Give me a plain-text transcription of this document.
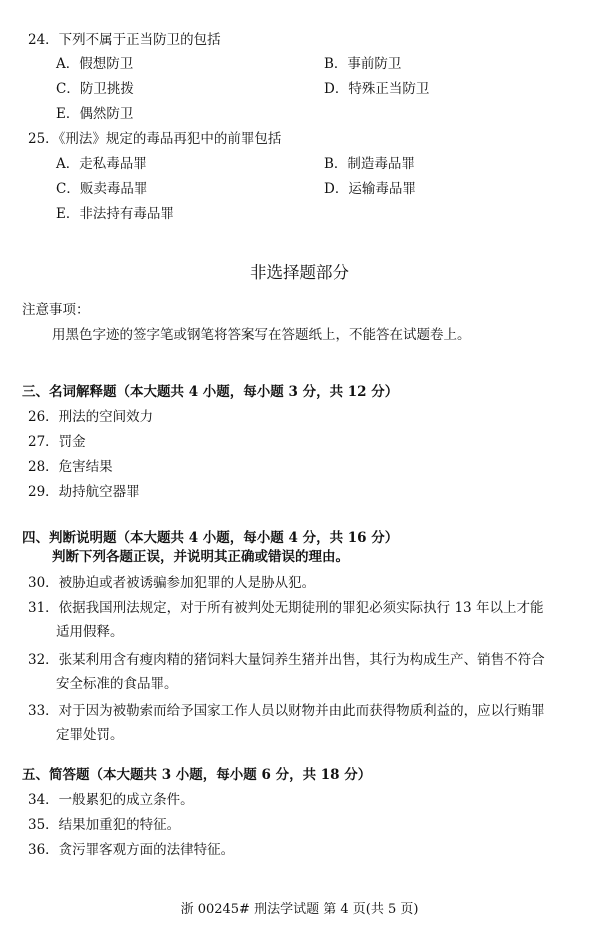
24．下列不属于正当防卫的包括
A．假想防卫	B．事前防卫
C．防卫挑拨	D．特殊正当防卫
E．偶然防卫
25．《刑法》规定的毒品再犯中的前罪包括
A．走私毒品罪	B．制造毒品罪
C．贩卖毒品罪	D．运输毒品罪
E．非法持有毒品罪
非选择题部分
注意事项：
用黑色字迹的签字笔或钢笔将答案写在答题纸上，不能答在试题卷上。
三、名词解释题（本大题共 4 小题，每小题 3 分，共 12 分）
26．刑法的空间效力
27．罚金
28．危害结果
29．劫持航空器罪
四、判断说明题（本大题共 4 小题，每小题 4 分，共 16 分）
判断下列各题正误，并说明其正确或错误的理由。
30．被胁迫或者被诱骗参加犯罪的人是胁从犯。
31．依据我国刑法规定，对于所有被判处无期徒刑的罪犯必须实际执行 13 年以上才能
适用假释。
32．张某利用含有瘦肉精的猪饲料大量饲养生猪并出售，其行为构成生产、销售不符合
安全标准的食品罪。
33．对于因为被勒索而给予国家工作人员以财物并由此而获得物质利益的，应以行贿罪
定罪处罚。
五、简答题（本大题共 3 小题，每小题 6 分，共 18 分）
34．一般累犯的成立条件。
35．结果加重犯的特征。
36．贪污罪客观方面的法律特征。
浙 00245# 刑法学试题 第 4 页(共 5 页)
